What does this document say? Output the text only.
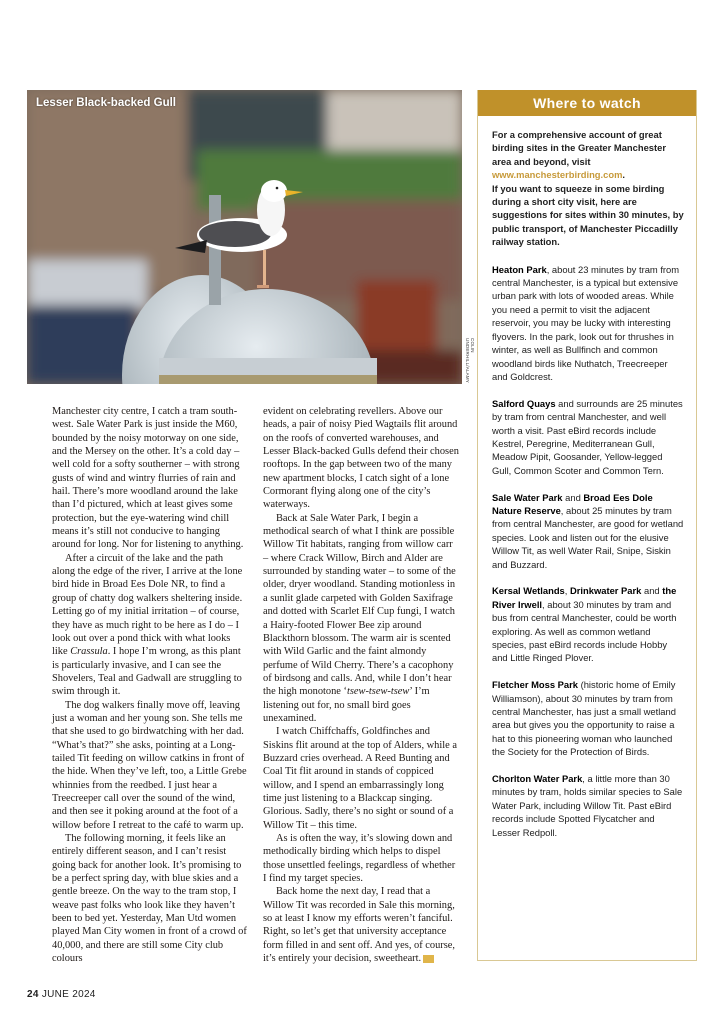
Lesser Black-backed Gull
COLIN UNDERHILL/ALAMY

Manchester city centre, I catch a tram south-west. Sale Water Park is just inside the M60, bounded by the noisy motorway on one side, and the Mersey on the other. It’s a cold day – well cold for a softy southerner – with strong gusts of wind and wintry flurries of rain and hail. There’s more woodland around the lake than I’d pictured, which at least gives some protection, but the eye-watering wind chill means it’s still not conducive to hanging around for long. Nor for listening to anything.

After a circuit of the lake and the path along the edge of the river, I arrive at the lone bird hide in Broad Ees Dole NR, to find a group of chatty dog walkers sheltering inside. Letting go of my initial irritation – of course, they have as much right to be here as I do – I look out over a pond thick with what looks like Crassula. I hope I’m wrong, as this plant is particularly invasive, and I can see the Shovelers, Teal and Gadwall are struggling to swim through it.

The dog walkers finally move off, leaving just a woman and her young son. She tells me that she used to go birdwatching with her dad. “What’s that?” she asks, pointing at a Long-tailed Tit feeding on willow catkins in front of the hide. When they’ve left, too, a Little Grebe whinnies from the reedbed. I just hear a Treecreeper call over the sound of the wind, and then see it poking around at the foot of a willow before I retreat to the café to warm up.

The following morning, it feels like an entirely different season, and I can’t resist going back for another look. It’s promising to be a perfect spring day, with blue skies and a gentle breeze. On the way to the tram stop, I weave past folks who look like they haven’t been to bed yet. Yesterday, Man Utd women played Man City women in front of a crowd of 40,000, and there are still some City club colours

evident on celebrating revellers. Above our heads, a pair of noisy Pied Wagtails flit around on the roofs of converted warehouses, and Lesser Black-backed Gulls defend their chosen rooftops. In the gap between two of the many new apartment blocks, I catch sight of a lone Cormorant flying along one of the city’s waterways.

Back at Sale Water Park, I begin a methodical search of what I think are possible Willow Tit habitats, ranging from willow carr – where Crack Willow, Birch and Alder are surrounded by standing water – to some of the older, dryer woodland. Standing motionless in a sunlit glade carpeted with Golden Saxifrage and dotted with Scarlet Elf Cup fungi, I watch a Hairy-footed Flower Bee zip around Blackthorn blossom. The warm air is scented with Wild Garlic and the faint almondy perfume of Wild Cherry. There’s a cacophony of birdsong and calls. And, while I don’t hear the high monotone ‘tsew-tsew-tsew’ I’m listening out for, no small bird goes unexamined.

I watch Chiffchaffs, Goldfinches and Siskins flit around at the top of Alders, while a Buzzard cries overhead. A Reed Bunting and Coal Tit flit around in stands of coppiced willow, and I spend an embarrassingly long time just listening to a Blackcap singing. Glorious. Sadly, there’s no sight or sound of a Willow Tit – this time.

As is often the way, it’s slowing down and methodically birding which helps to dispel those unsettled feelings, regardless of whether I find my target species.

Back home the next day, I read that a Willow Tit was recorded in Sale this morning, so at least I know my efforts weren’t fanciful. Right, so let’s get that university acceptance form filled in and sent off. And yes, of course, it’s entirely your decision, sweetheart.	BW

Where to watch

For a comprehensive account of great birding sites in the Greater Manchester area and beyond, visit www.manchesterbirding.com.
If you want to squeeze in some birding during a short city visit, here are suggestions for sites within 30 minutes, by public transport, of Manchester Piccadilly railway station.

Heaton Park, about 23 minutes by tram from central Manchester, is a typical but extensive urban park with lots of wooded areas. While you need a permit to visit the adjacent reservoir, you may be lucky with interesting flyovers. In the park, look out for thrushes in winter, as well as Bullfinch and common woodland birds like Nuthatch, Treecreeper and Goldcrest.

Salford Quays and surrounds are 25 minutes by tram from central Manchester, and well worth a visit. Past eBird records include Kestrel, Peregrine, Mediterranean Gull, Meadow Pipit, Goosander, Yellow-legged Gull, Common Scoter and Common Tern.

Sale Water Park and Broad Ees Dole Nature Reserve, about 25 minutes by tram from central Manchester, are good for wetland species. Look and listen out for the elusive Willow Tit, as well Water Rail, Snipe, Siskin and Buzzard.

Kersal Wetlands, Drinkwater Park and the River Irwell, about 30 minutes by tram and bus from central Manchester, could be worth exploring. As well as common wetland species, past eBird records include Hobby and Little Ringed Plover.

Fletcher Moss Park (historic home of Emily Williamson), about 30 minutes by tram from central Manchester, has just a small wetland area but gives you the opportunity to raise a hat to this pioneering woman who launched the Society for the Protection of Birds.

Chorlton Water Park, a little more than 30 minutes by tram, holds similar species to Sale Water Park, including Willow Tit. Past eBird records include Spotted Flycatcher and Lesser Redpoll.

24 JUNE 2024
